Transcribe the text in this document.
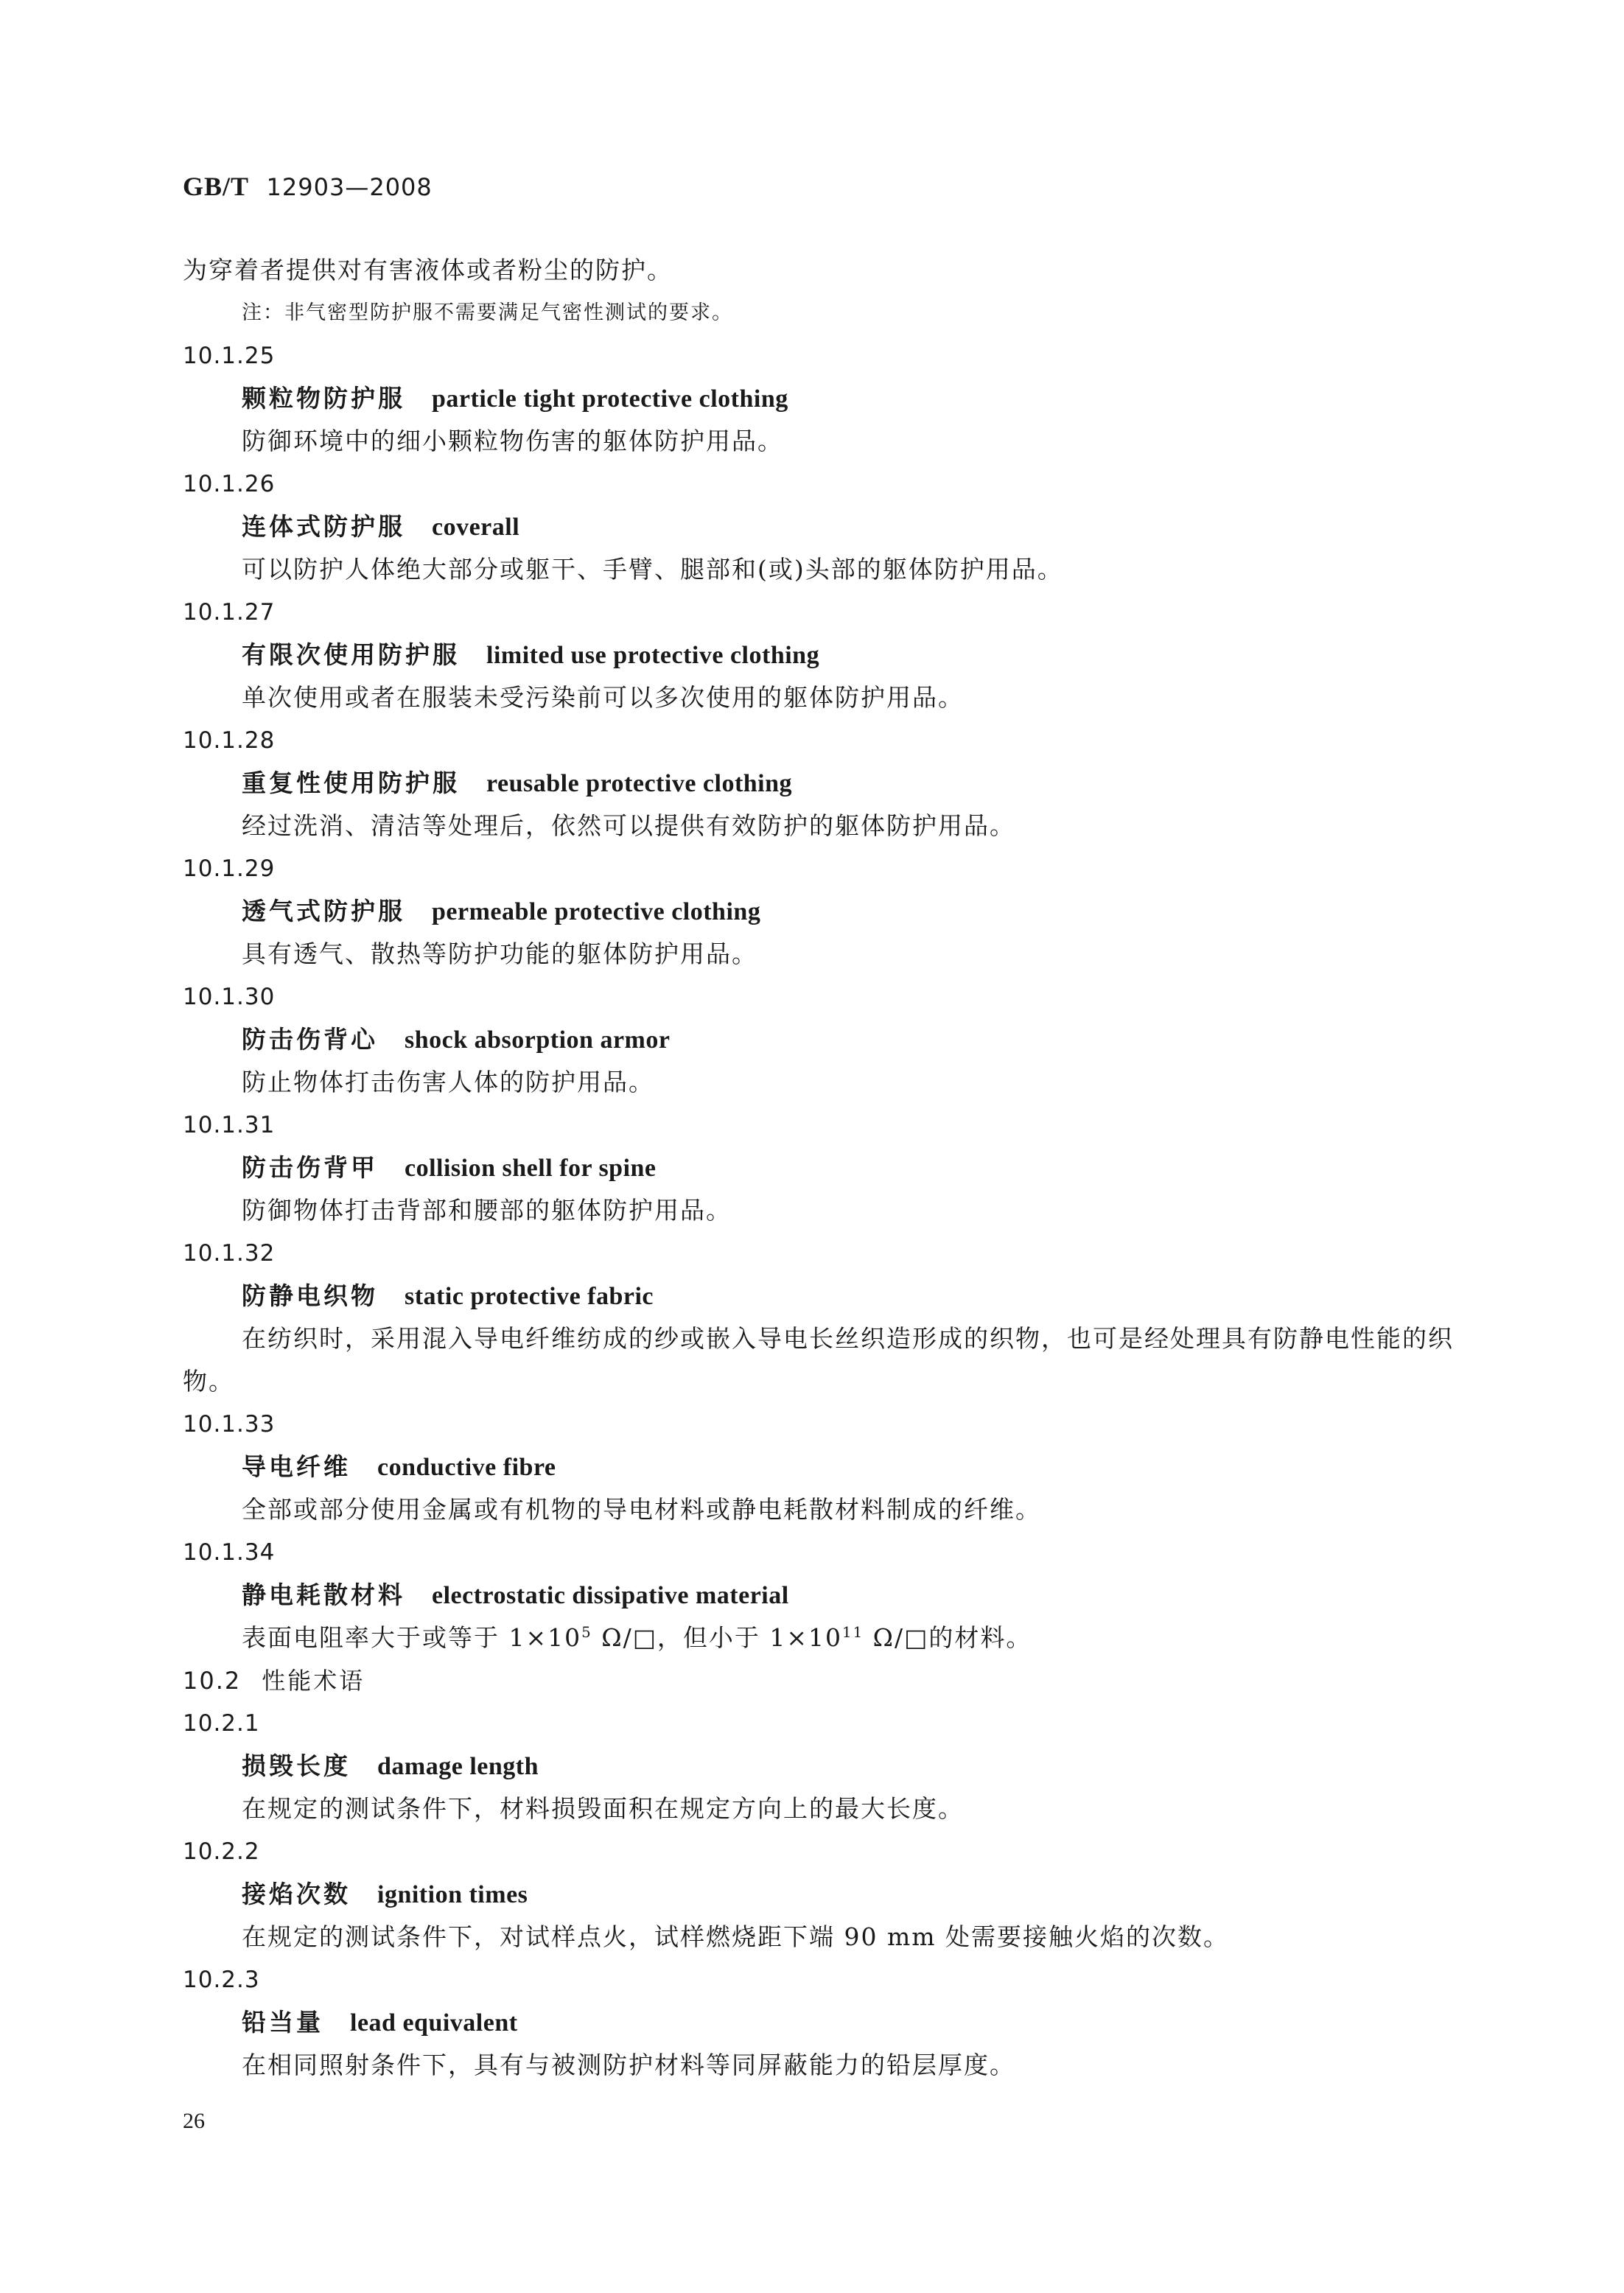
GB/T 12903—2008
为穿着者提供对有害液体或者粉尘的防护。
注：非气密型防护服不需要满足气密性测试的要求。
10.1.25
颗粒物防护服 particle tight protective clothing
防御环境中的细小颗粒物伤害的躯体防护用品。
10.1.26
连体式防护服 coverall
可以防护人体绝大部分或躯干、手臂、腿部和(或)头部的躯体防护用品。
10.1.27
有限次使用防护服 limited use protective clothing
单次使用或者在服装未受污染前可以多次使用的躯体防护用品。
10.1.28
重复性使用防护服 reusable protective clothing
经过洗消、清洁等处理后，依然可以提供有效防护的躯体防护用品。
10.1.29
透气式防护服 permeable protective clothing
具有透气、散热等防护功能的躯体防护用品。
10.1.30
防击伤背心 shock absorption armor
防止物体打击伤害人体的防护用品。
10.1.31
防击伤背甲 collision shell for spine
防御物体打击背部和腰部的躯体防护用品。
10.1.32
防静电织物 static protective fabric
在纺织时，采用混入导电纤维纺成的纱或嵌入导电长丝织造形成的织物，也可是经处理具有防静电性能的织物。
10.1.33
导电纤维 conductive fibre
全部或部分使用金属或有机物的导电材料或静电耗散材料制成的纤维。
10.1.34
静电耗散材料 electrostatic dissipative material
表面电阻率大于或等于 $1\times 10^5$ Ω/□，但小于 $1\times 10^{11}$ Ω/□的材料。
10.2 性能术语
10.2.1
损毁长度 damage length
在规定的测试条件下，材料损毁面积在规定方向上的最大长度。
10.2.2
接焰次数 ignition times
在规定的测试条件下，对试样点火，试样燃烧距下端 90 mm 处需要接触火焰的次数。
10.2.3
铅当量 lead equivalent
在相同照射条件下，具有与被测防护材料等同屏蔽能力的铅层厚度。
26
